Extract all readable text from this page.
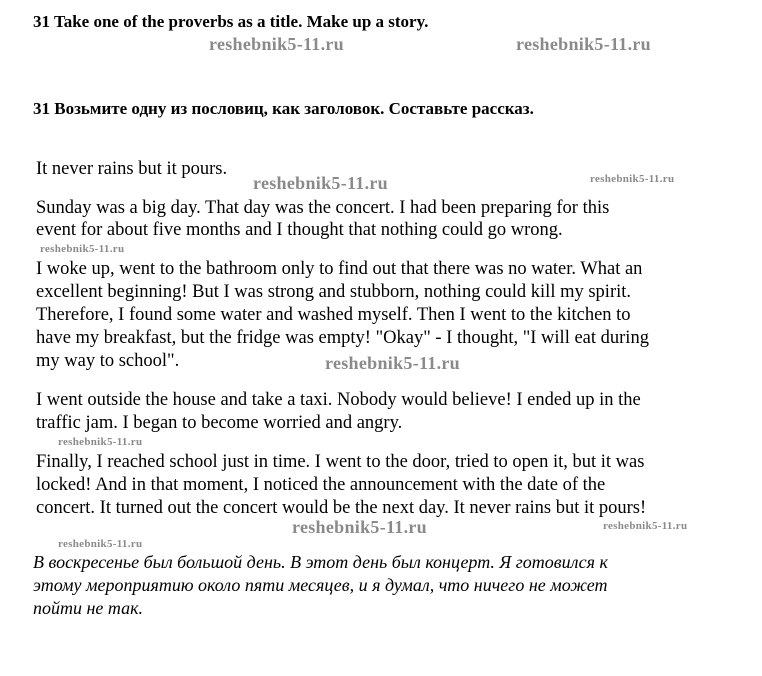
31 Take one of the proverbs as a title. Make up a story.
31 Возьмите одну из пословиц, как заголовок. Составьте рассказ.
It never rains but it pours.
Sunday was a big day. That day was the concert. I had been preparing for this
event for about five months and I thought that nothing could go wrong.
I woke up, went to the bathroom only to find out that there was no water. What an
excellent beginning! But I was strong and stubborn, nothing could kill my spirit.
Therefore, I found some water and washed myself. Then I went to the kitchen to
have my breakfast, but the fridge was empty! "Okay" - I thought, "I will eat during
my way to school".
I went outside the house and take a taxi. Nobody would believe! I ended up in the
traffic jam. I began to become worried and angry.
Finally, I reached school just in time. I went to the door, tried to open it, but it was
locked! And in that moment, I noticed the announcement with the date of the
concert. It turned out the concert would be the next day. It never rains but it pours!
В воскресенье был большой день. В этот день был концерт. Я готовился к
этому мероприятию около пяти месяцев, и я думал, что ничего не может
пойти не так.
reshebnik5-11.ru	reshebnik5-11.ru
reshebnik5-11.ru	reshebnik5-11.ru
reshebnik5-11.ru
reshebnik5-11.ru
reshebnik5-11.ru
reshebnik5-11.ru	reshebnik5-11.ru
reshebnik5-11.ru
